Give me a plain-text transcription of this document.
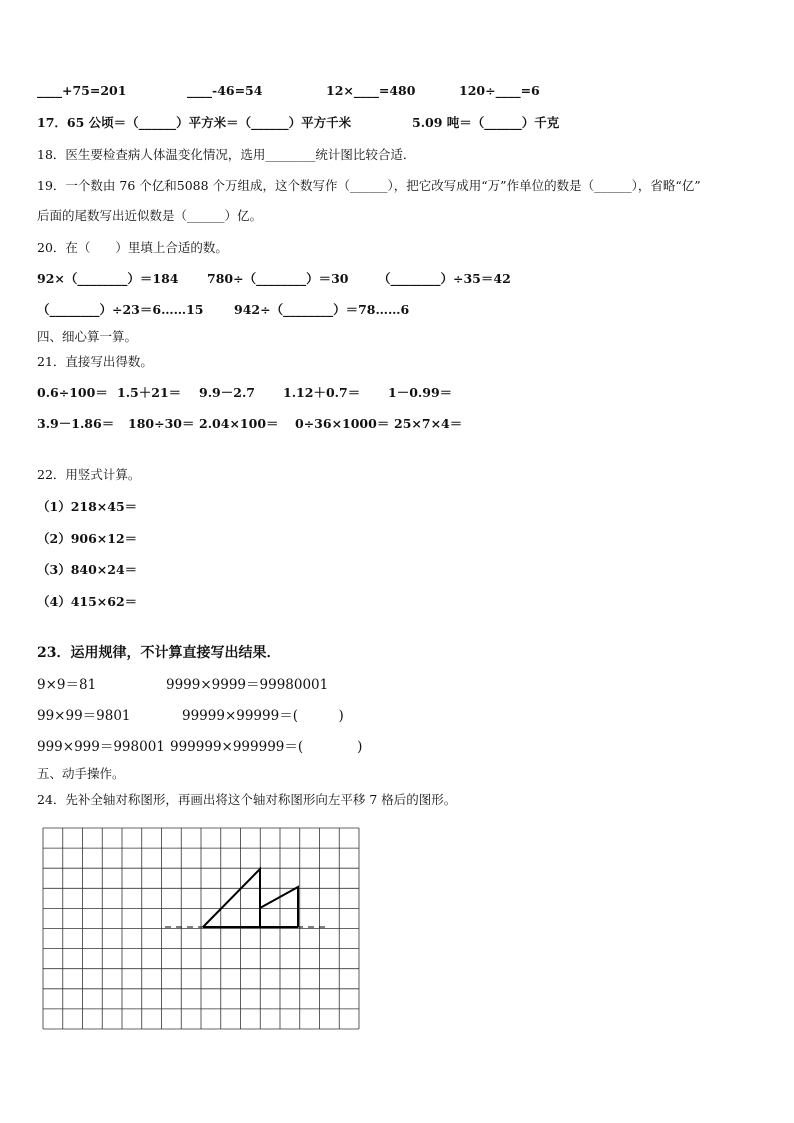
____+75=201	____-46=54	12×____=480	120÷____=6
17．65 公顷＝（______）平方米＝（______）平方千米	5.09 吨＝（______）千克
18．医生要检查病人体温变化情况，选用________统计图比较合适．
19．一个数由 76 个亿和5088 个万组成，这个数写作（______），把它改写成用“万”作单位的数是（______），省略“亿”
后面的尾数写出近似数是（______）亿。
20．在（　　）里填上合适的数。
92×（________）＝184 780÷（________）＝30 （________）÷35＝42
（________）÷23＝6……15 942÷（________）＝78……6
四、细心算一算。
21．直接写出得数。
0.6÷100＝ 1.5＋21＝ 9.9－2.7 1.12＋0.7＝ 1－0.99＝
3.9－1.86＝ 180÷30＝ 2.04×100＝ 0÷36×1000＝ 25×7×4＝
22．用竖式计算。
（1）218×45＝
（2）906×12＝
（3）840×24＝
（4）415×62＝
23．运用规律，不计算直接写出结果．
9×9＝81	9999×9999＝99980001
99×99＝9801	99999×99999＝(　　　)
999×999＝998001 999999×999999＝(　　　　)
五、动手操作。
24．先补全轴对称图形，再画出将这个轴对称图形向左平移 7 格后的图形。
